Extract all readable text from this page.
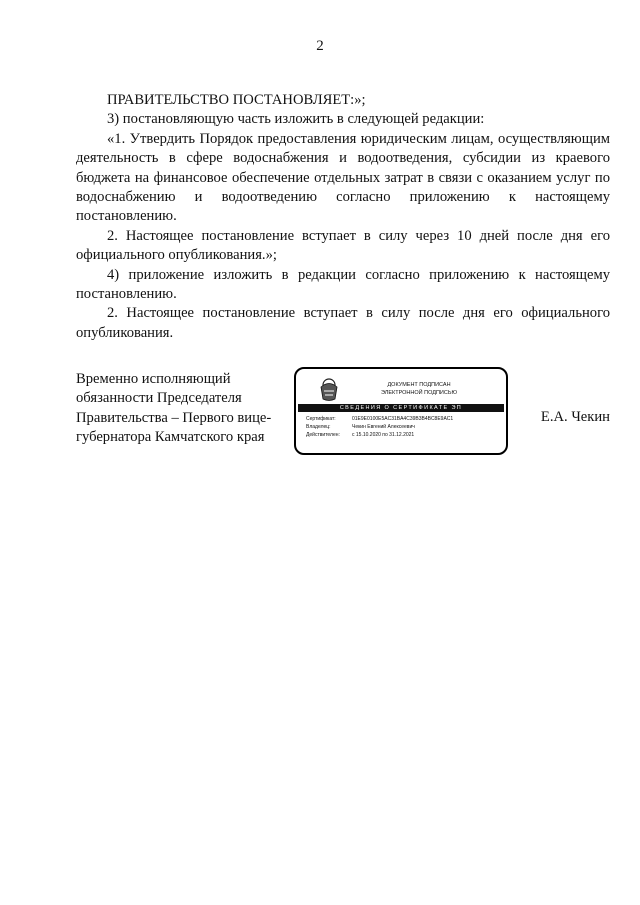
2

ПРАВИТЕЛЬСТВО ПОСТАНОВЛЯЕТ:»;

3) постановляющую часть изложить в следующей редакции:

«1. Утвердить Порядок предоставления юридическим лицам, осуществляющим деятельность в сфере водоснабжения и водоотведения, субсидии из краевого бюджета на финансовое обеспечение отдельных затрат в связи с оказанием услуг по водоснабжению и водоотведению согласно приложению к настоящему постановлению.

2. Настоящее постановление вступает в силу через 10 дней после дня его официального опубликования.»;

4) приложение изложить в редакции согласно приложению к настоящему постановлению.

2. Настоящее постановление вступает в силу после дня его официального опубликования.

Временно исполняющий
обязанности Председателя
Правительства – Первого вице-
губернатора Камчатского края
ДОКУМЕНТ ПОДПИСАН
ЭЛЕКТРОННОЙ ПОДПИСЬЮ
СВЕДЕНИЯ О СЕРТИФИКАТЕ ЭП
Сертификат:	01E9E0100E5AC31BA4C39B3B4BC8E9AC1
Владелец:	Чекин Евгений Алексеевич
Действителен:	с 15.10.2020 по 31.12.2021
Е.А. Чекин
